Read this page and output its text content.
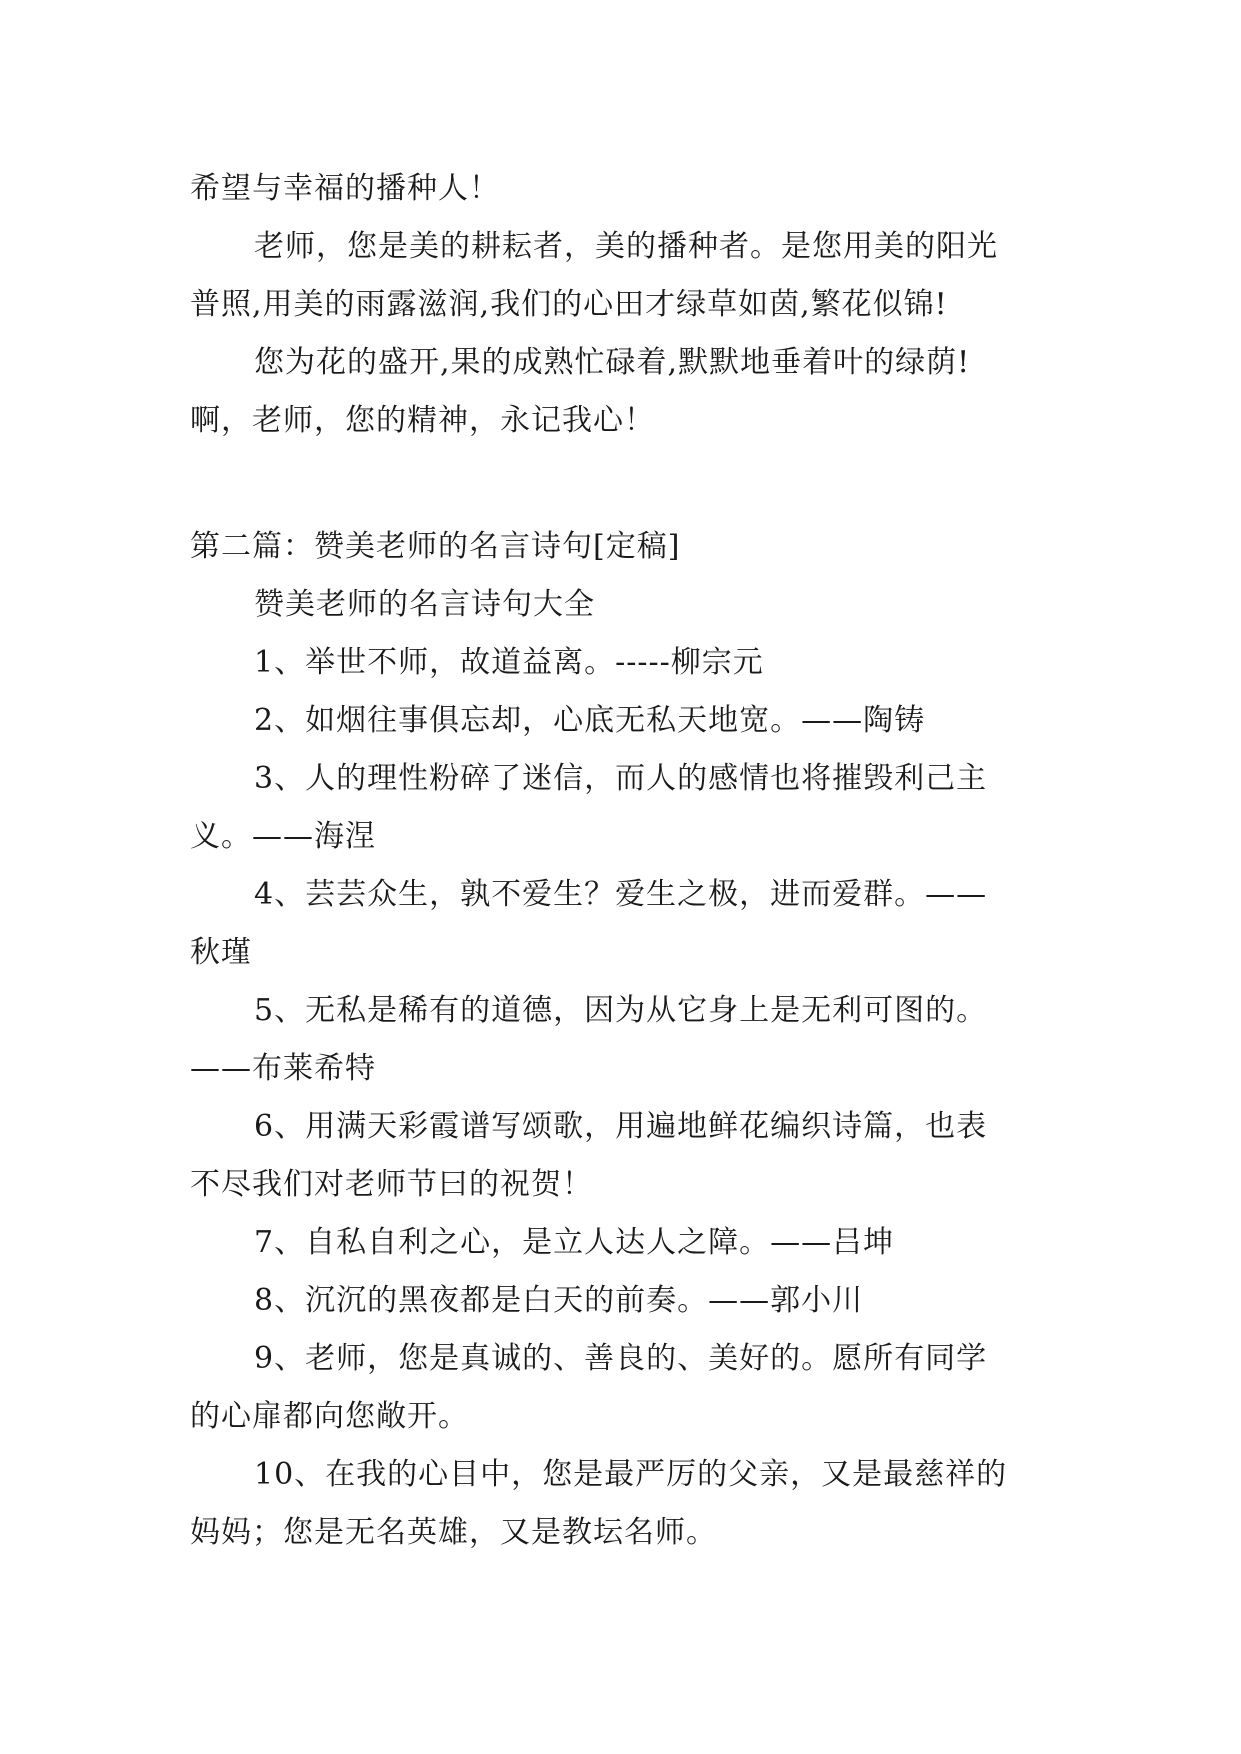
希望与幸福的播种人！
老师，您是美的耕耘者，美的播种者。是您用美的阳光
普照,用美的雨露滋润,我们的心田才绿草如茵,繁花似锦!
您为花的盛开,果的成熟忙碌着,默默地垂着叶的绿荫!
啊，老师，您的精神，永记我心！
第二篇：赞美老师的名言诗句[定稿]
赞美老师的名言诗句大全
1、举世不师，故道益离。-----柳宗元
2、如烟往事俱忘却，心底无私天地宽。——陶铸
3、人的理性粉碎了迷信，而人的感情也将摧毁利己主
义。——海涅
4、芸芸众生，孰不爱生？爱生之极，进而爱群。——
秋瑾
5、无私是稀有的道德，因为从它身上是无利可图的。
——布莱希特
6、用满天彩霞谱写颂歌，用遍地鲜花编织诗篇，也表
不尽我们对老师节曰的祝贺！
7、自私自利之心，是立人达人之障。——吕坤
8、沉沉的黑夜都是白天的前奏。——郭小川
9、老师，您是真诚的、善良的、美好的。愿所有同学
的心扉都向您敞开。
10、在我的心目中，您是最严厉的父亲，又是最慈祥的
妈妈；您是无名英雄，又是教坛名师。
